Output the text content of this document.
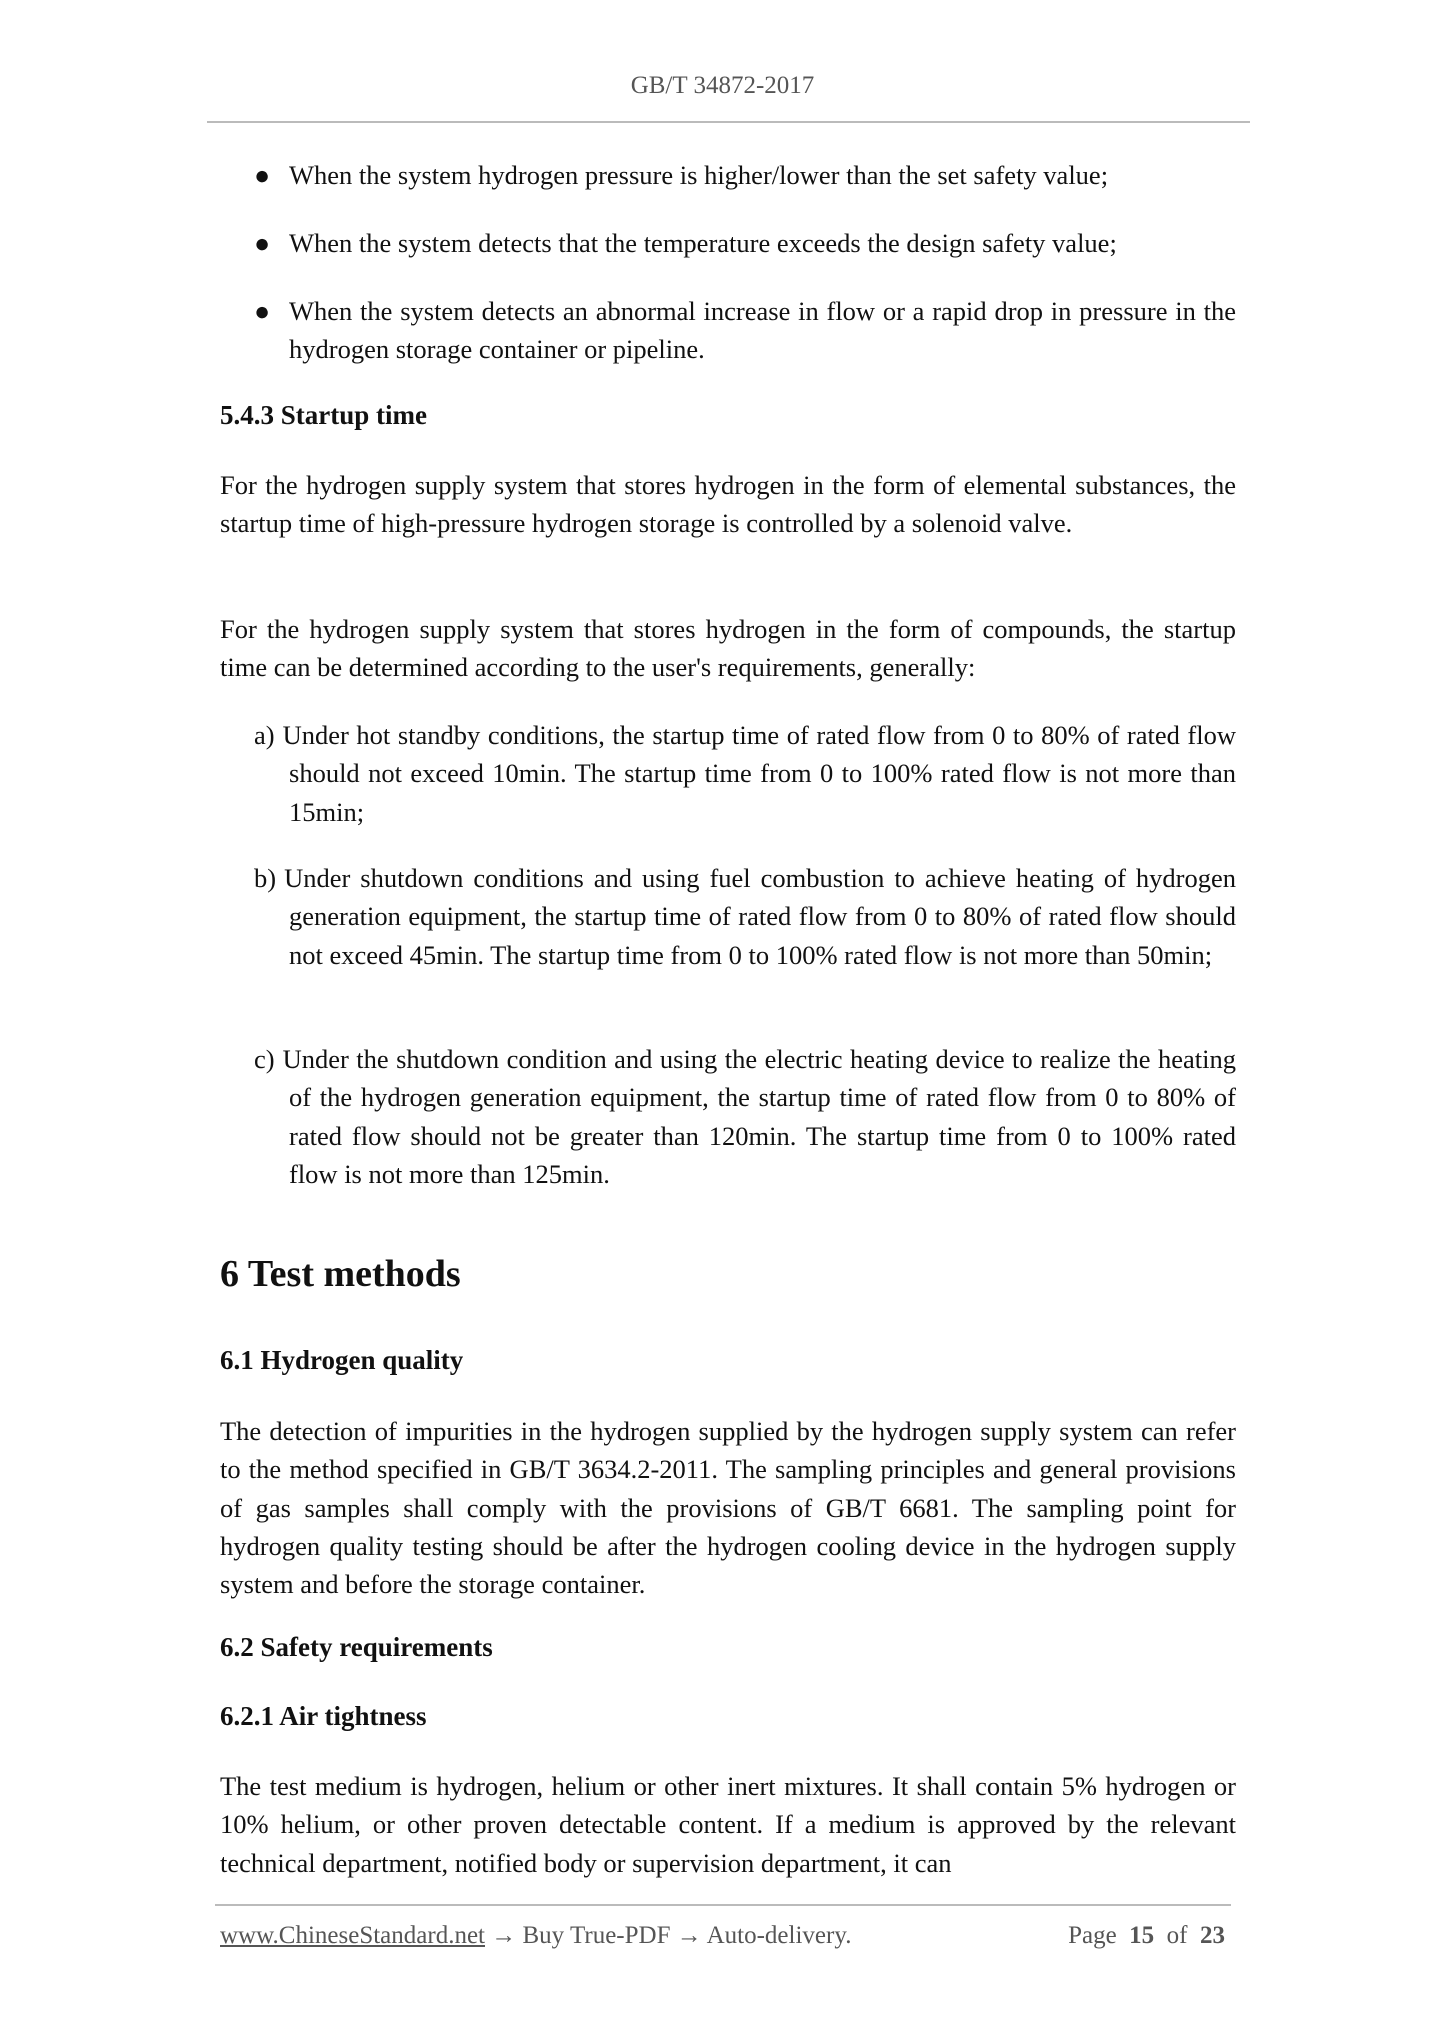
GB/T 34872-2017
● When the system hydrogen pressure is higher/lower than the set safety value;
● When the system detects that the temperature exceeds the design safety value;
● When the system detects an abnormal increase in flow or a rapid drop in pressure in the hydrogen storage container or pipeline.
5.4.3 Startup time
For the hydrogen supply system that stores hydrogen in the form of elemental substances, the startup time of high-pressure hydrogen storage is controlled by a solenoid valve.
For the hydrogen supply system that stores hydrogen in the form of compounds, the startup time can be determined according to the user's requirements, generally:
a) Under hot standby conditions, the startup time of rated flow from 0 to 80% of rated flow should not exceed 10min. The startup time from 0 to 100% rated flow is not more than 15min;
b) Under shutdown conditions and using fuel combustion to achieve heating of hydrogen generation equipment, the startup time of rated flow from 0 to 80% of rated flow should not exceed 45min. The startup time from 0 to 100% rated flow is not more than 50min;
c) Under the shutdown condition and using the electric heating device to realize the heating of the hydrogen generation equipment, the startup time of rated flow from 0 to 80% of rated flow should not be greater than 120min. The startup time from 0 to 100% rated flow is not more than 125min.
6 Test methods
6.1 Hydrogen quality
The detection of impurities in the hydrogen supplied by the hydrogen supply system can refer to the method specified in GB/T 3634.2-2011. The sampling principles and general provisions of gas samples shall comply with the provisions of GB/T 6681. The sampling point for hydrogen quality testing should be after the hydrogen cooling device in the hydrogen supply system and before the storage container.
6.2 Safety requirements
6.2.1 Air tightness
The test medium is hydrogen, helium or other inert mixtures. It shall contain 5% hydrogen or 10% helium, or other proven detectable content. If a medium is approved by the relevant technical department, notified body or supervision department, it can
www.ChineseStandard.net → Buy True-PDF → Auto-delivery.	Page 15 of 23
